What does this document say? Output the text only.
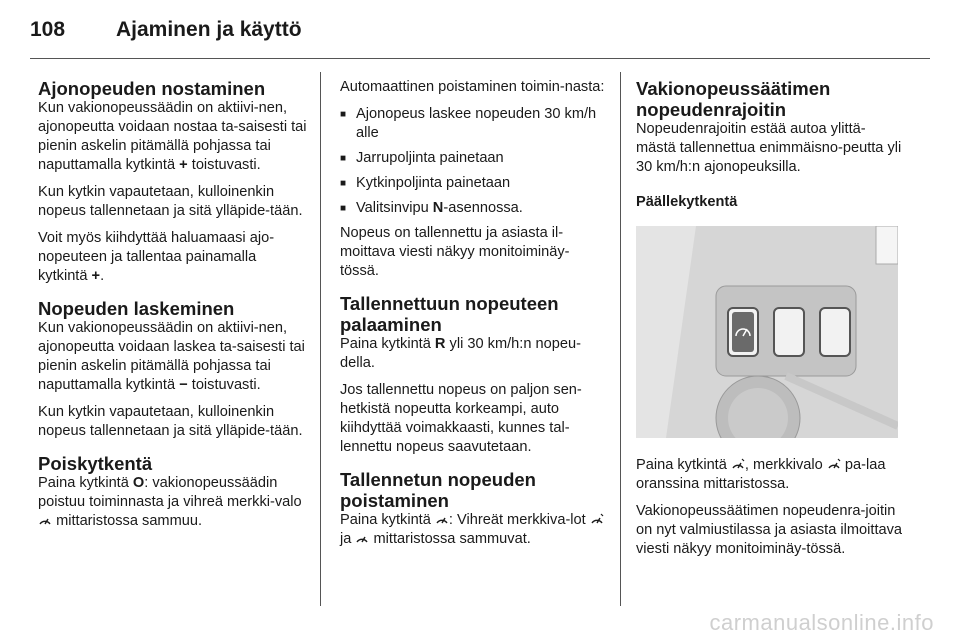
108	Ajaminen ja käyttö
Ajonopeuden nostaminen

Kun vakionopeussäädin on aktiivi-nen, ajonopeutta voidaan nostaa ta-saisesti tai pienin askelin pitämällä pohjassa tai naputtamalla kytkintä + toistuvasti.

Kun kytkin vapautetaan, kulloinenkin nopeus tallennetaan ja sitä ylläpide-tään.

Voit myös kiihdyttää haluamaasi ajo-nopeuteen ja tallentaa painamalla kytkintä +.

Nopeuden laskeminen

Kun vakionopeussäädin on aktiivi-nen, ajonopeutta voidaan laskea ta-saisesti tai pienin askelin pitämällä pohjassa tai naputtamalla kytkintä − toistuvasti.

Kun kytkin vapautetaan, kulloinenkin nopeus tallennetaan ja sitä ylläpide-tään.

Poiskytkentä

Paina kytkintä O: vakionopeussäädin poistuu toiminnasta ja vihreä merkki-valo  mittaristossa sammuu.

Automaattinen poistaminen toimin-nasta:

■ Ajonopeus laskee nopeuden 30 km/h alle
■ Jarrupoljinta painetaan
■ Kytkinpoljinta painetaan
■ Valitsinvipu N-asennossa.

Nopeus on tallennettu ja asiasta il-moittava viesti näkyy monitoiminäy-tössä.

Tallennettuun nopeuteen palaaminen

Paina kytkintä R yli 30 km/h:n nopeu-della.

Jos tallennettu nopeus on paljon sen-hetkistä nopeutta korkeampi, auto kiihdyttää voimakkaasti, kunnes tal-lennettu nopeus saavutetaan.

Tallennetun nopeuden poistaminen

Paina kytkintä : Vihreät merkkiva-lot  ja mittaristossa sammuvat.

Vakionopeussäätimen nopeudenrajoitin

Nopeudenrajoitin estää autoa ylittä-mästä tallennettua enimmäisno-peutta yli 30 km/h:n ajonopeuksilla.

Päällekytkentä

Paina kytkintä , merkkivalo pa-laa oranssina mittaristossa.

Vakionopeussäätimen nopeudenra-joitin on nyt valmiustilassa ja asiasta ilmoittava viesti näkyy monitoiminäy-tössä.

carmanualsonline.info
